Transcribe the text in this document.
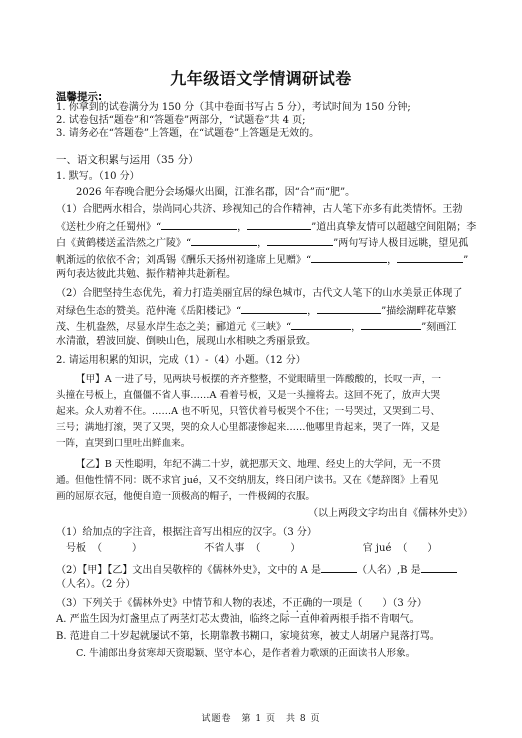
九年级语文学情调研试卷
温馨提示:
1. 你拿到的试卷满分为 150 分（其中卷面书写占 5 分），考试时间为 150 分钟;
2. 试卷包括“题卷”和“答题卷”两部分，“试题卷”共 4 页;
3. 请务必在“答题卷”上答题，在“试题卷”上答题是无效的。
一、语文积累与运用（35 分）
1. 默写。（10 分）
2026 年春晚合肥分会场爆火出圈，江淮名郡，因“合”而“肥”。
（1）合肥两水相合，崇尚同心共济、珍视知己的合作精神，古人笔下亦多有此类情怀。王勃
《送杜少府之任蜀州》“	，	”道出真挚友情可以超越空间阻隔；李
白《黄鹤楼送孟浩然之广陵》“	，	”两句写诗人极目远眺，望见孤
帆渐远的依依不舍；刘禹锡《酬乐天扬州初逢席上见赠》“	，	”
两句表达彼此共勉、振作精神共赴新程。
（2）合肥坚持生态优先，着力打造美丽宜居的绿色城市，古代文人笔下的山水美景正体现了
对绿色生态的赞美。范仲淹《岳阳楼记》“	，	”描绘湖畔花草繁
茂、生机盎然，尽显水岸生态之美；郦道元《三峡》“	，	”刻画江
水清澈，碧波回旋、倒映山色，展现山水相映之秀丽景致。
2. 请运用积累的知识，完成（1）-（4）小题。（12 分）
【甲】A 一进了号，见两块号板摆的齐齐整整，不觉眼睛里一阵酸酸的，长叹一声，一
头撞在号板上，直僵僵不省人事……A 看着号板，又是一头撞将去。这回不死了，放声大哭
起来。众人劝着不住。……A 也不听见，只管伏着号板哭个不住；一号哭过，又哭到二号、
三号；满地打滚，哭了又哭，哭的众人心里都凄惨起来……他哪里肯起来，哭了一阵，又是
一阵，直哭到口里吐出鲜血来。
【乙】B 天性聪明，年纪不满二十岁，就把那天文、地理、经史上的大学问，无一不贯
通。但他性情不同：既不求官 jué，又不交纳朋友，终日闭户读书。又在《楚辞图》上看见
画的屈原衣冠，他便自造一顶极高的帽子，一件极阔的衣服。
（以上两段文字均出自《儒林外史》）
（1）给加点的字注音，根据注音写出相应的汉字。（3 分）
号板 （　　　）	不省人事 （　　　）	官 jué （　　）
（2）【甲】【乙】文出自吴敬梓的《儒林外史》，文中的 A 是	（人名）,B 是
（人名）。（2 分）
（3）下列关于《儒林外史》中情节和人物的表述，不正确的一项是（　　）（3 分）
A. 严监生因为灯盏里点了两茎灯芯太费油，临终之际一直伸着两根手指不肯咽气。
B. 范进自二十岁起就屡试不第，长期靠教书糊口，家境贫寒，被丈人胡屠户晁落打骂。
C. 牛浦郎出身贫寒却天资聪颖、坚守本心，是作者着力歌颂的正面读书人形象。
试题卷　第 1 页　共 8 页
